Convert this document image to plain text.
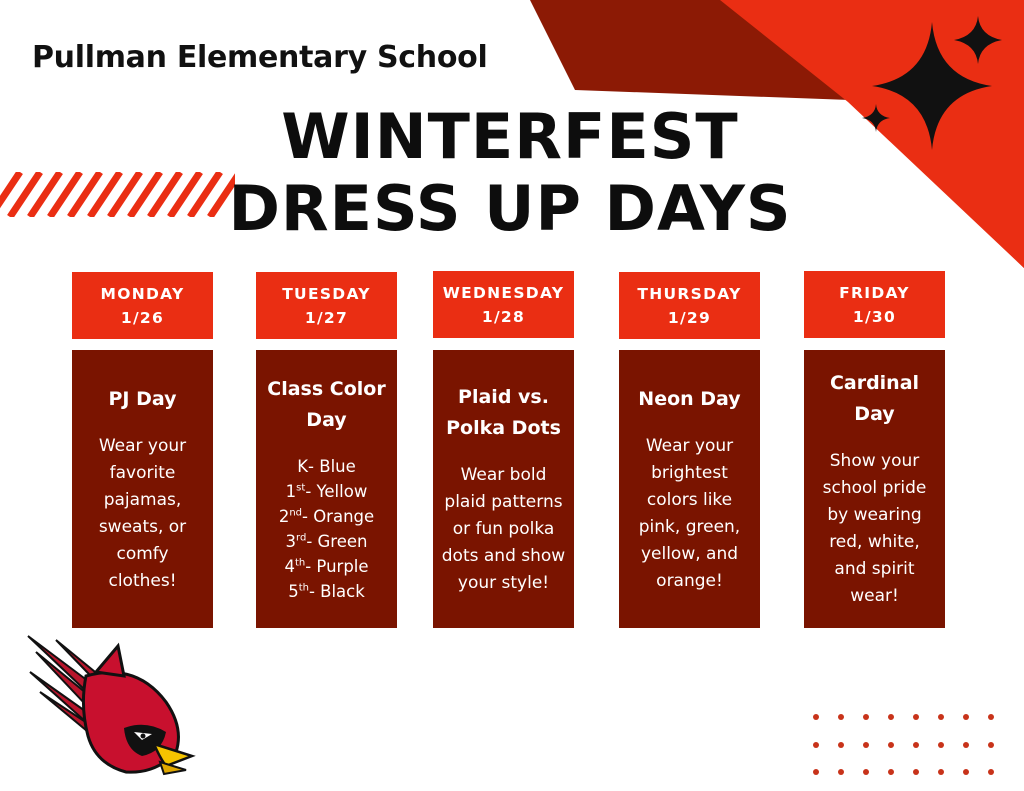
Pullman Elementary School
WINTERFEST
DRESS UP DAYS
MONDAY
1/26
PJ Day
Wear your
favorite
pajamas,
sweats, or
comfy
clothes!
TUESDAY
1/27
Class Color
Day
K- Blue
1st- Yellow
2nd- Orange
3rd- Green
4th- Purple
5th- Black
WEDNESDAY
1/28
Plaid vs.
Polka Dots
Wear bold
plaid patterns
or fun polka
dots and show
your style!
THURSDAY
1/29
Neon Day
Wear your
brightest
colors like
pink, green,
yellow, and
orange!
FRIDAY
1/30
Cardinal
Day
Show your
school pride
by wearing
red, white,
and spirit
wear!
